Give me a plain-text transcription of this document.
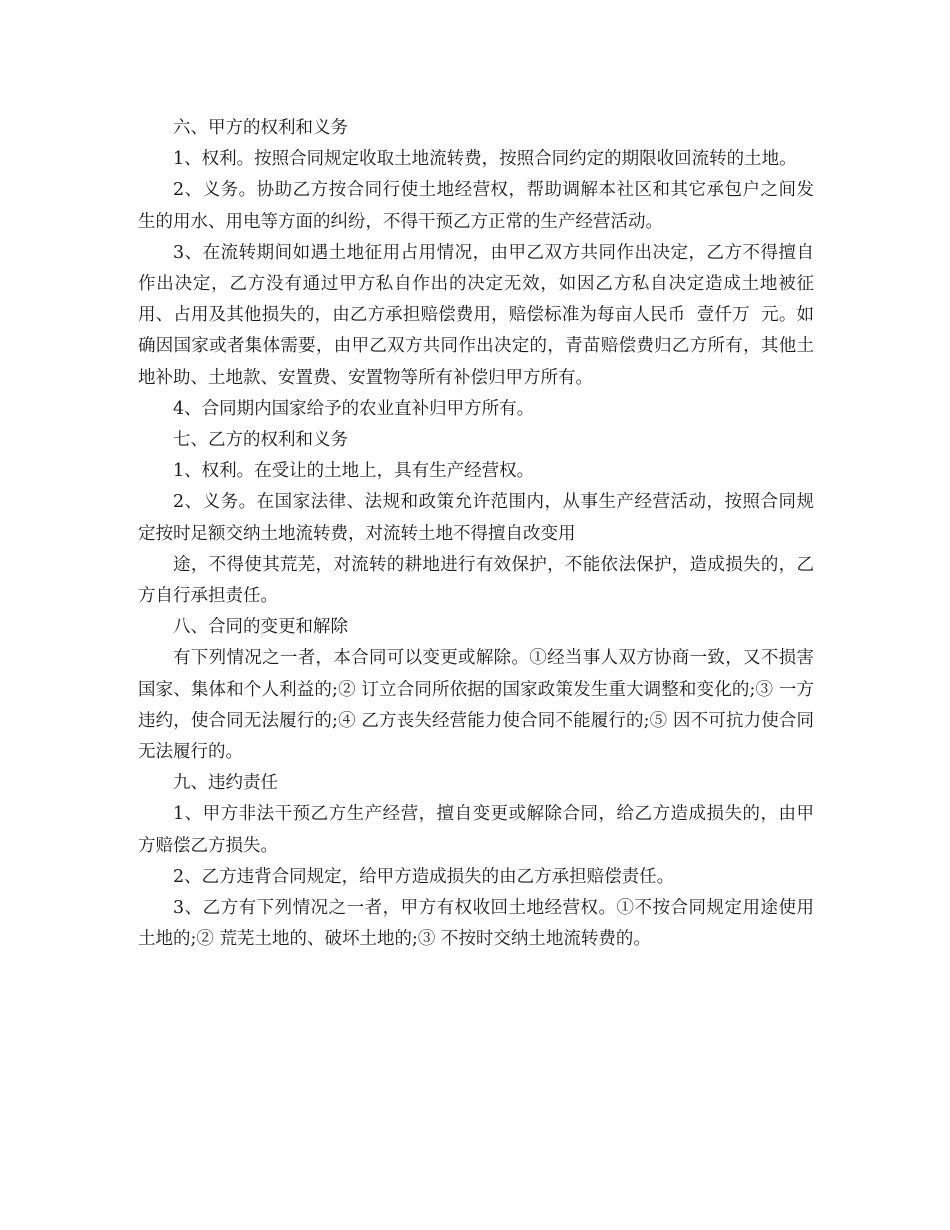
六、甲方的权利和义务

1、权利。按照合同规定收取土地流转费，按照合同约定的期限收回流转的土地。

2、义务。协助乙方按合同行使土地经营权，帮助调解本社区和其它承包户之间发生的用水、用电等方面的纠纷，不得干预乙方正常的生产经营活动。

3、在流转期间如遇土地征用占用情况，由甲乙双方共同作出决定，乙方不得擅自作出决定，乙方没有通过甲方私自作出的决定无效，如因乙方私自决定造成土地被征用、占用及其他损失的，由乙方承担赔偿费用，赔偿标准为每亩人民币  壹仟万  元。如确因国家或者集体需要，由甲乙双方共同作出决定的，青苗赔偿费归乙方所有，其他土地补助、土地款、安置费、安置物等所有补偿归甲方所有。

4、合同期内国家给予的农业直补归甲方所有。

七、乙方的权利和义务

1、权利。在受让的土地上，具有生产经营权。

2、义务。在国家法律、法规和政策允许范围内，从事生产经营活动，按照合同规定按时足额交纳土地流转费，对流转土地不得擅自改变用

途，不得使其荒芜，对流转的耕地进行有效保护，不能依法保护，造成损失的，乙方自行承担责任。

八、合同的变更和解除

有下列情况之一者，本合同可以变更或解除。①经当事人双方协商一致，又不损害国家、集体和个人利益的;② 订立合同所依据的国家政策发生重大调整和变化的;③ 一方违约，使合同无法履行的;④ 乙方丧失经营能力使合同不能履行的;⑤ 因不可抗力使合同无法履行的。

九、违约责任

1、甲方非法干预乙方生产经营，擅自变更或解除合同，给乙方造成损失的，由甲方赔偿乙方损失。

2、乙方违背合同规定，给甲方造成损失的由乙方承担赔偿责任。

3、乙方有下列情况之一者，甲方有权收回土地经营权。①不按合同规定用途使用土地的;② 荒芜土地的、破坏土地的;③ 不按时交纳土地流转费的。
